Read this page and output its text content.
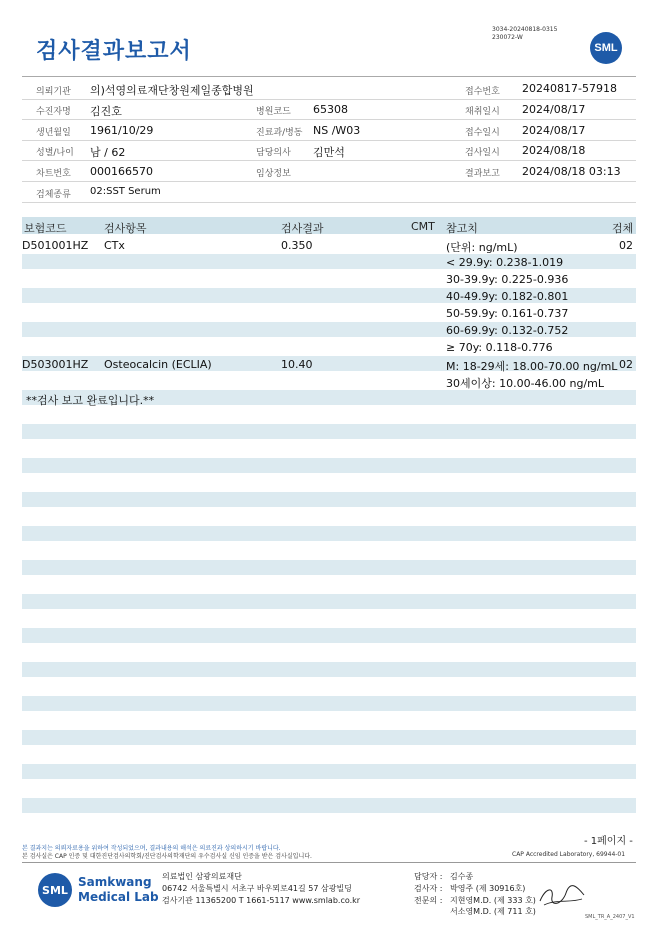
검사결과보고서
3034-20240818-0315
230072-W
SML
의뢰기관 의)석영의료재단창원제일종합병원	접수번호 20240817-57918
수진자명 김진호	병원코드 65308	채취일시 2024/08/17
생년월일 1961/10/29	진료과/병동 NS /W03	접수일시 2024/08/17
성별/나이 남 / 62	담당의사 김만석	검사일시 2024/08/18
차트번호 000166570	임상정보	결과보고 2024/08/18 03:13
검체종류 02:SST Serum
보험코드	검사항목	검사결과	CMT 참고치	검체
D501001HZ CTx	0.350	(단위: ng/mL)	02
< 29.9y: 0.238-1.019
30-39.9y: 0.225-0.936
40-49.9y: 0.182-0.801
50-59.9y: 0.161-0.737
60-69.9y: 0.132-0.752
≥ 70y: 0.118-0.776
D503001HZ Osteocalcin (ECLIA)	10.40	M: 18-29세: 18.00-70.00 ng/mL 02
30세이상: 10.00-46.00 ng/mL
**검사 보고 완료입니다.**
- 1페이지 -
본 결과지는 의뢰자료용을 위하여 작성되었으며, 결과내용의 해석은 의료진과 상의하시기 바랍니다.
본 검사실은 CAP 인증 및 대한진단검사의학회/진단검사의학재단의 우수검사실 신임 인증을 받은 검사실입니다.	CAP Accredited Laboratory, 69944-01
SML
Samkwang
Medical Lab
의료법인 삼광의료재단
06742 서울특별시 서초구 바우뫼로41길 57 삼광빌딩
검사기관 11365200 T 1661-5117 www.smlab.co.kr
담당자 : 김수종
검사자 : 박영주 (제 30916호)
전문의 : 지현영M.D. (제 333 호)
서소영M.D. (제 711 호)
SML_TR_A_2407_V1
